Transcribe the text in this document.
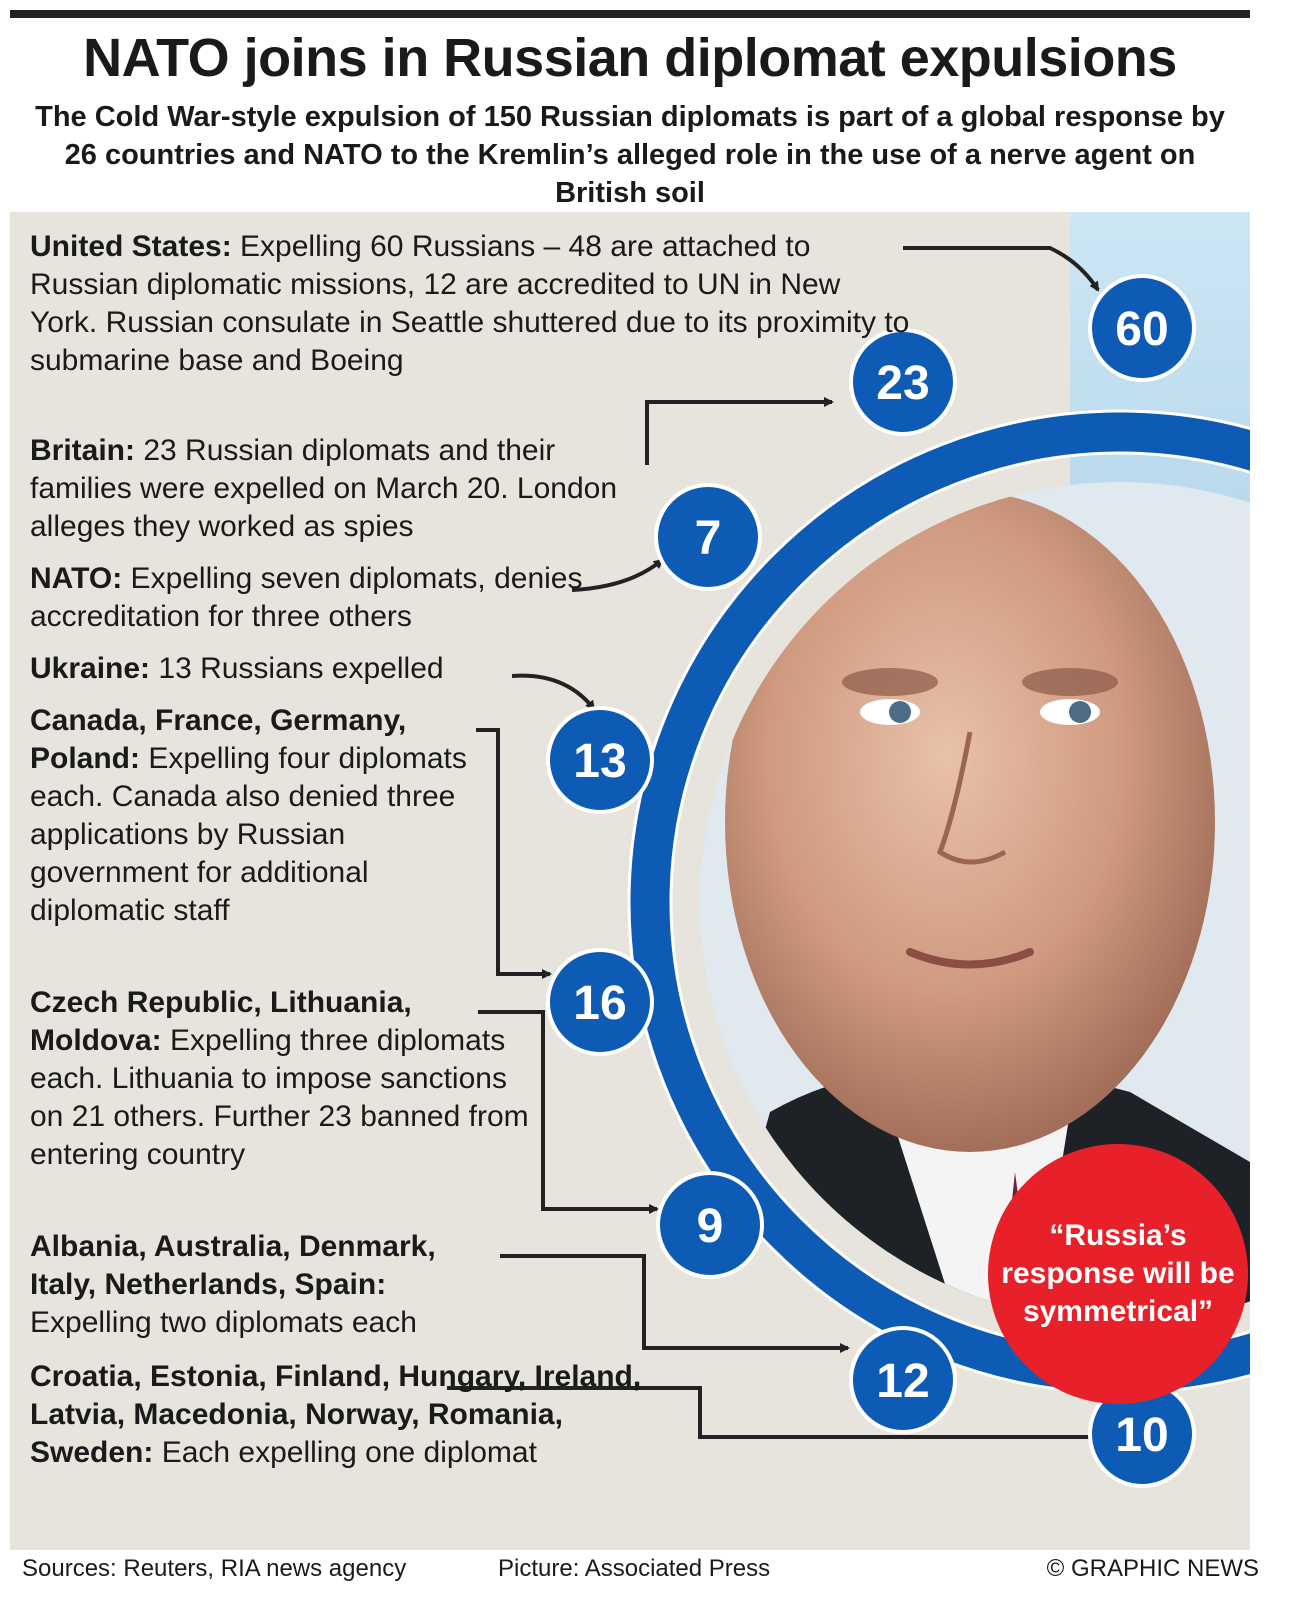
NATO joins in Russian diplomat expulsions
The Cold War-style expulsion of 150 Russian diplomats is part of a global response by 26 countries and NATO to the Kremlin’s alleged role in the use of a nerve agent on British soil
60
23
7
13
16
9
12
10
United States: Expelling 60 Russians – 48 are attached to Russian diplomatic missions, 12 are accredited to UN in New York. Russian consulate in Seattle shuttered due to its proximity to submarine base and Boeing
Britain: 23 Russian diplomats and their families were expelled on March 20. London alleges they worked as spies
NATO: Expelling seven diplomats, denies accreditation for three others
Ukraine: 13 Russians expelled
Canada, France, Germany, Poland: Expelling four diplomats each. Canada also denied three applications by Russian government for additional diplomatic staff
Czech Republic, Lithuania, Moldova: Expelling three diplomats each. Lithuania to impose sanctions on 21 others. Further 23 banned from entering country
Albania, Australia, Denmark, Italy, Netherlands, Spain: Expelling two diplomats each
Croatia, Estonia, Finland, Hungary, Ireland, Latvia, Macedonia, Norway, Romania, Sweden: Each expelling one diplomat
“Russia’s response will be symmetrical”
Sources: Reuters, RIA news agency	Picture: Associated Press	© GRAPHIC NEWS
